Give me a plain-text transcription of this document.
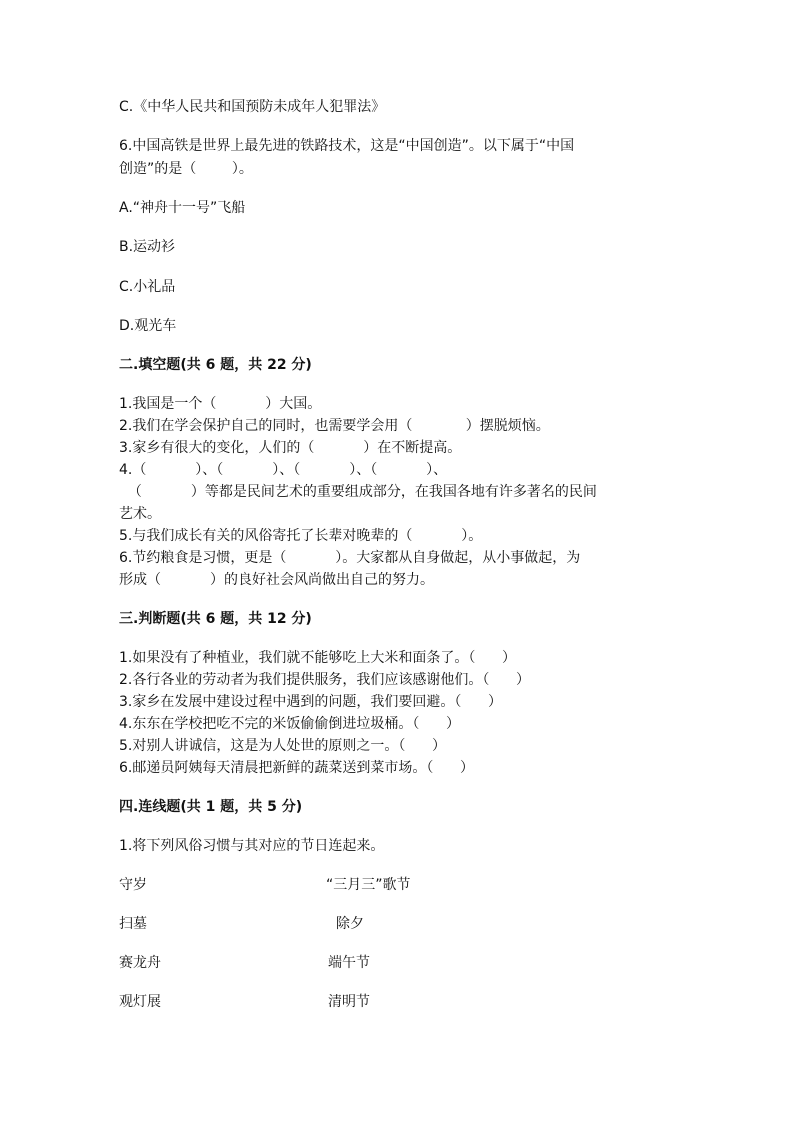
C.《中华人民共和国预防未成年人犯罪法》
6.中国高铁是世界上最先进的铁路技术，这是“中国创造”。以下属于“中国
创造”的是（        ）。
A.“神舟十一号”飞船
B.运动衫
C.小礼品
D.观光车
二.填空题(共 6 题，共 22 分)
1.我国是一个（           ）大国。
2.我们在学会保护自己的同时，也需要学会用（            ）摆脱烦恼。
3.家乡有很大的变化，人们的（           ）在不断提高。
4.（           ）、（           ）、（           ）、（           ）、
（           ）等都是民间艺术的重要组成部分，在我国各地有许多著名的民间
艺术。
5.与我们成长有关的风俗寄托了长辈对晚辈的（           ）。
6.节约粮食是习惯，更是（           ）。大家都从自身做起，从小事做起，为
形成（           ）的良好社会风尚做出自己的努力。
三.判断题(共 6 题，共 12 分)
1.如果没有了种植业，我们就不能够吃上大米和面条了。（      ）
2.各行各业的劳动者为我们提供服务，我们应该感谢他们。（      ）
3.家乡在发展中建设过程中遇到的问题，我们要回避。（      ）
4.东东在学校把吃不完的米饭偷偷倒进垃圾桶。（      ）
5.对别人讲诚信，这是为人处世的原则之一。（      ）
6.邮递员阿姨每天清晨把新鲜的蔬菜送到菜市场。（      ）
四.连线题(共 1 题，共 5 分)
1.将下列风俗习惯与其对应的节日连起来。
守岁
扫墓
赛龙舟
观灯展
“三月三”歌节
除夕
端午节
清明节
